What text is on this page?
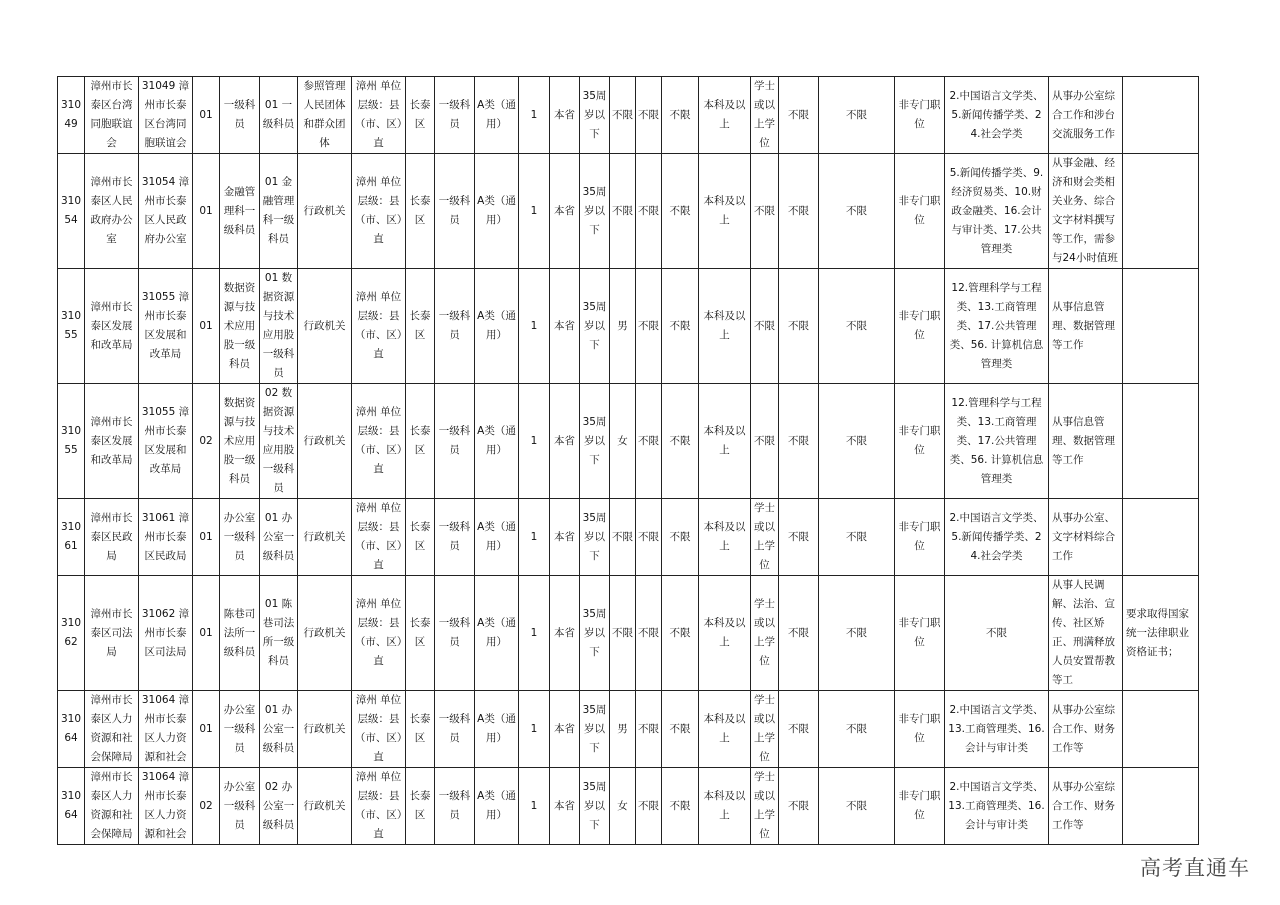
31049	漳州市长泰区台湾同胞联谊会	31049 漳州市长泰区台湾同胞联谊会	01	一级科员	01 一级科员	参照管理人民团体和群众团体	漳州 单位层级：县（市、区）直	长泰区	一级科员	A类（通用）	1	本省	35周岁以下	不限	不限	不限	本科及以上	学士或以上学位	不限	不限	非专门职位	2.中国语言文学类、5.新闻传播学类、24.社会学类	从事办公室综合工作和涉台交流服务工作	
31054	漳州市长泰区人民政府办公室	31054 漳州市长泰区人民政府办公室	01	金融管理科一级科员	01 金融管理科一级科员	行政机关	漳州 单位层级：县（市、区）直	长泰区	一级科员	A类（通用）	1	本省	35周岁以下	不限	不限	不限	本科及以上	不限	不限	不限	非专门职位	5.新闻传播学类、9.经济贸易类、10.财政金融类、16.会计与审计类、17.公共管理类	从事金融、经济和财会类相关业务、综合文字材料撰写等工作，需参与24小时值班	
31055	漳州市长泰区发展和改革局	31055 漳州市长泰区发展和改革局	01	数据资源与技术应用股一级科员	01 数据资源与技术应用股一级科员	行政机关	漳州 单位层级：县（市、区）直	长泰区	一级科员	A类（通用）	1	本省	35周岁以下	男	不限	不限	本科及以上	不限	不限	不限	非专门职位	12.管理科学与工程类、13.工商管理类、17.公共管理类、56. 计算机信息管理类	从事信息管理、数据管理等工作	
31055	漳州市长泰区发展和改革局	31055 漳州市长泰区发展和改革局	02	数据资源与技术应用股一级科员	02 数据资源与技术应用股一级科员	行政机关	漳州 单位层级：县（市、区）直	长泰区	一级科员	A类（通用）	1	本省	35周岁以下	女	不限	不限	本科及以上	不限	不限	不限	非专门职位	12.管理科学与工程类、13.工商管理类、17.公共管理类、56. 计算机信息管理类	从事信息管理、数据管理等工作	
31061	漳州市长泰区民政局	31061 漳州市长泰区民政局	01	办公室一级科员	01 办公室一级科员	行政机关	漳州 单位层级：县（市、区）直	长泰区	一级科员	A类（通用）	1	本省	35周岁以下	不限	不限	不限	本科及以上	学士或以上学位	不限	不限	非专门职位	2.中国语言文学类、5.新闻传播学类、24.社会学类	从事办公室、文字材料综合工作	
31062	漳州市长泰区司法局	31062 漳州市长泰区司法局	01	陈巷司法所一级科员	01 陈巷司法所一级科员	行政机关	漳州 单位层级：县（市、区）直	长泰区	一级科员	A类（通用）	1	本省	35周岁以下	不限	不限	不限	本科及以上	学士或以上学位	不限	不限	非专门职位	不限	从事人民调解、法治、宣传、社区矫正、刑满释放人员安置帮教等工	要求取得国家统一法律职业资格证书；
31064	漳州市长泰区人力资源和社会保障局	31064 漳州市长泰区人力资源和社会	01	办公室一级科员	01 办公室一级科员	行政机关	漳州 单位层级：县（市、区）直	长泰区	一级科员	A类（通用）	1	本省	35周岁以下	男	不限	不限	本科及以上	学士或以上学位	不限	不限	非专门职位	2.中国语言文学类、13.工商管理类、16.会计与审计类	从事办公室综合工作、财务工作等	
31064	漳州市长泰区人力资源和社会保障局	31064 漳州市长泰区人力资源和社会	02	办公室一级科员	02 办公室一级科员	行政机关	漳州 单位层级：县（市、区）直	长泰区	一级科员	A类（通用）	1	本省	35周岁以下	女	不限	不限	本科及以上	学士或以上学位	不限	不限	非专门职位	2.中国语言文学类、13.工商管理类、16.会计与审计类	从事办公室综合工作、财务工作等	
高考直通车
